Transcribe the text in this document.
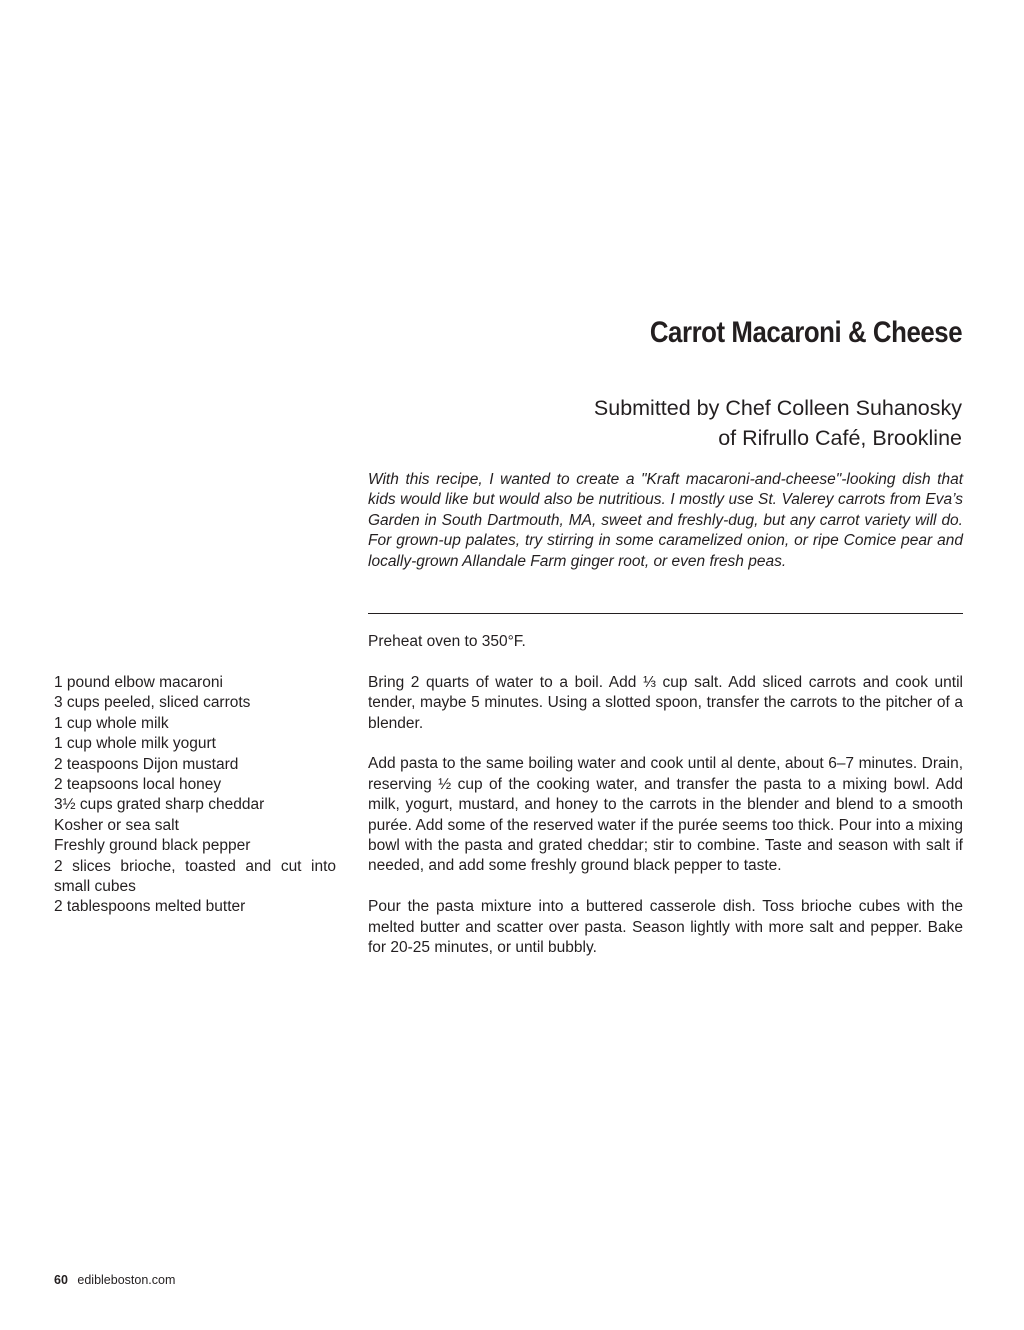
Carrot Macaroni & Cheese
Submitted by Chef Colleen Suhanosky
of Rifrullo Café, Brookline

With this recipe, I wanted to create a "Kraft macaroni-and-cheese"-looking dish that kids would like but would also be nutritious. I mostly use St. Valerey carrots from Eva’s Garden in South Dartmouth, MA, sweet and freshly-dug, but any carrot variety will do. For grown-up palates, try stirring in some caramelized onion, or ripe Comice pear and locally-grown Allandale Farm ginger root, or even fresh peas.

Preheat oven to 350°F.

Bring 2 quarts of water to a boil. Add ⅓ cup salt. Add sliced carrots and cook until tender, maybe 5 minutes. Using a slotted spoon, transfer the carrots to the pitcher of a blender.

Add pasta to the same boiling water and cook until al dente, about 6–7 minutes. Drain, reserving ½ cup of the cooking water, and transfer the pasta to a mixing bowl. Add milk, yogurt, mustard, and honey to the carrots in the blender and blend to a smooth purée. Add some of the reserved water if the purée seems too thick. Pour into a mixing bowl with the pasta and grated cheddar; stir to combine. Taste and season with salt if needed, and add some freshly ground black pepper to taste.

Pour the pasta mixture into a buttered casserole dish. Toss brioche cubes with the melted butter and scatter over pasta. Season lightly with more salt and pepper. Bake for 20-25 minutes, or until bubbly.

1 pound elbow macaroni
3 cups peeled, sliced carrots
1 cup whole milk
1 cup whole milk yogurt
2 teaspoons Dijon mustard
2 teapsoons local honey
3½ cups grated sharp cheddar
Kosher or sea salt
Freshly ground black pepper
2 slices brioche, toasted and cut into small cubes
2 tablespoons melted butter
60 edibleboston.com
